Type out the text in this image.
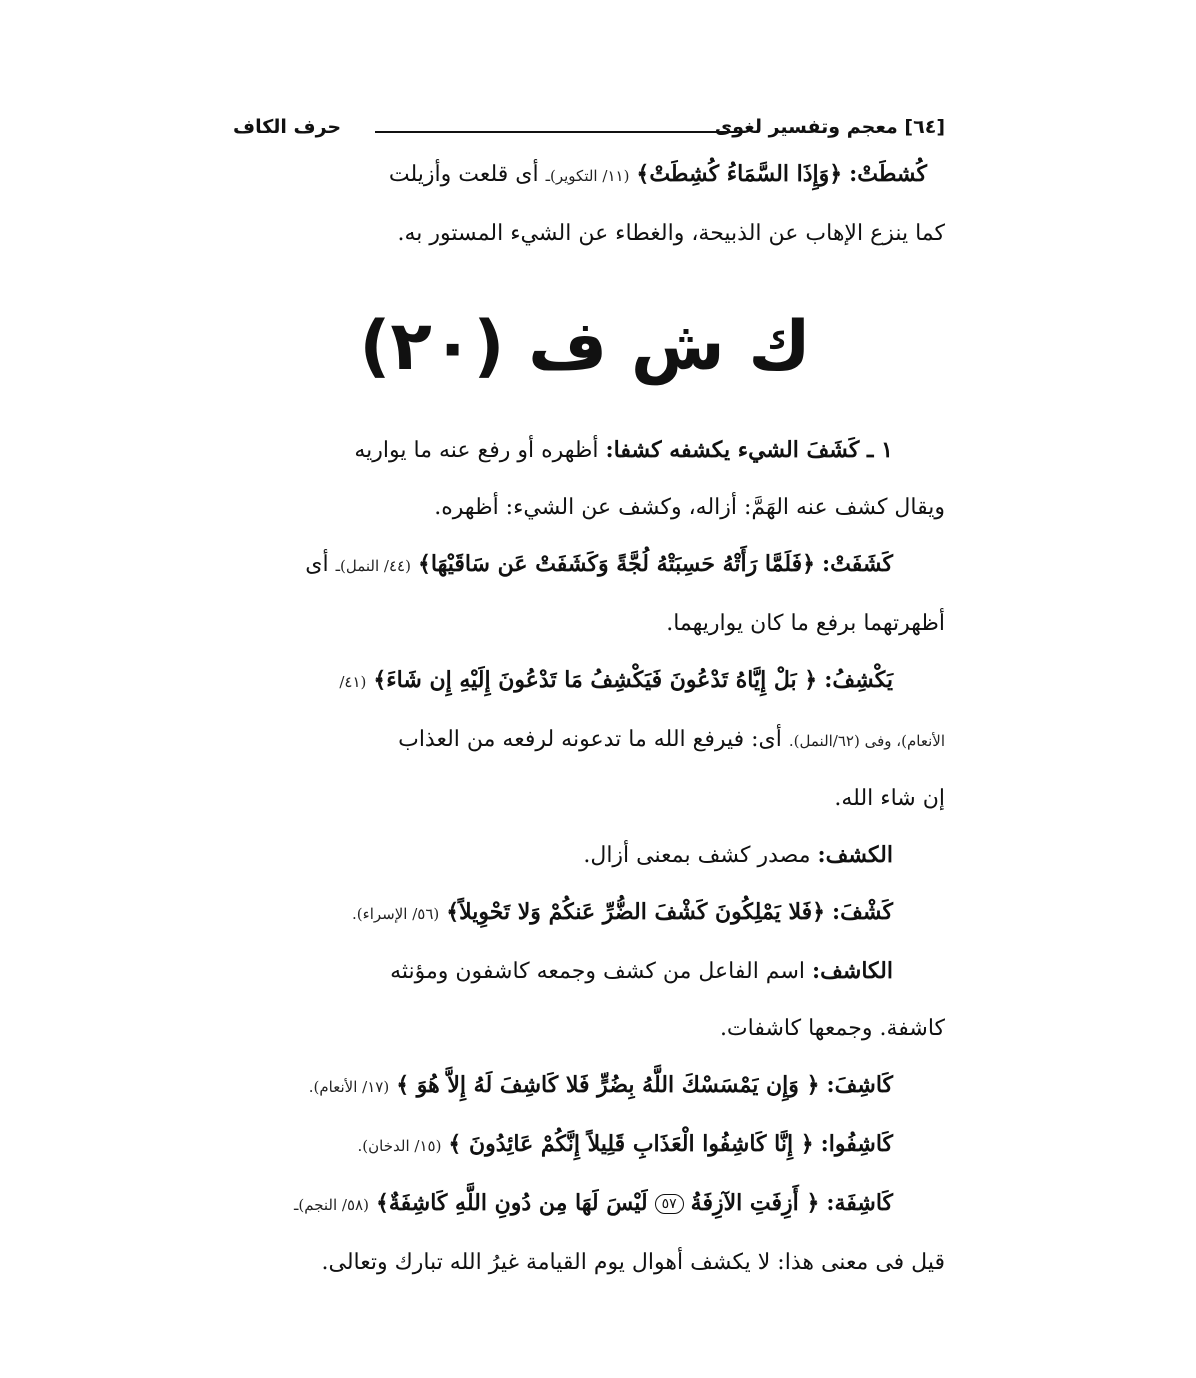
[٦٤] معجم وتفسير لغوى
حرف الكاف

كُشطَتْ: ﴿وَإِذَا السَّمَاءُ كُشِطَتْ﴾ (١١/ التكوير)ـ أى قلعت وأزيلت

كما ينزع الإهاب عن الذبيحة، والغطاء عن الشيء المستور به.

ك ش ف (٢٠)

١ ـ كَشَفَ الشيء يكشفه كشفا: أظهره أو رفع عنه ما يواريه

ويقال كشف عنه الهَمَّ: أزاله، وكشف عن الشيء: أظهره.

كَشَفَتْ: ﴿فَلَمَّا رَأَتْهُ حَسِبَتْهُ لُجَّةً وَكَشَفَتْ عَن سَاقَيْهَا﴾ (٤٤/ النمل)ـ أى

أظهرتهما برفع ما كان يواريهما.

يَكْشِفُ: ﴿ بَلْ إِيَّاهُ تَدْعُونَ فَيَكْشِفُ مَا تَدْعُونَ إِلَيْهِ إِن شَاءَ﴾ (٤١/

الأنعام)، وفى (٦٢/النمل). أى: فيرفع الله ما تدعونه لرفعه من العذاب

إن شاء الله.

الكشف: مصدر كشف بمعنى أزال.

كَشْفَ: ﴿فَلا يَمْلِكُونَ كَشْفَ الضُّرِّ عَنكُمْ وَلا تَحْوِيلاً﴾ (٥٦/ الإسراء).

الكاشف: اسم الفاعل من كشف وجمعه كاشفون ومؤنثه

كاشفة. وجمعها كاشفات.

كَاشِفَ: ﴿ وَإِن يَمْسَسْكَ اللَّهُ بِضُرٍّ فَلا كَاشِفَ لَهُ إِلاَّ هُوَ ﴾ (١٧/ الأنعام).

كَاشِفُوا: ﴿ إِنَّا كَاشِفُوا الْعَذَابِ قَلِيلاً إِنَّكُمْ عَائِدُونَ ﴾ (١٥/ الدخان).

كَاشِفَة: ﴿ أَزِفَتِ الآزِفَةُ ٥٧ لَيْسَ لَهَا مِن دُونِ اللَّهِ كَاشِفَةٌ﴾ (٥٨/ النجم)ـ

قيل فى معنى هذا: لا يكشف أهوال يوم القيامة غيرُ الله تبارك وتعالى.
